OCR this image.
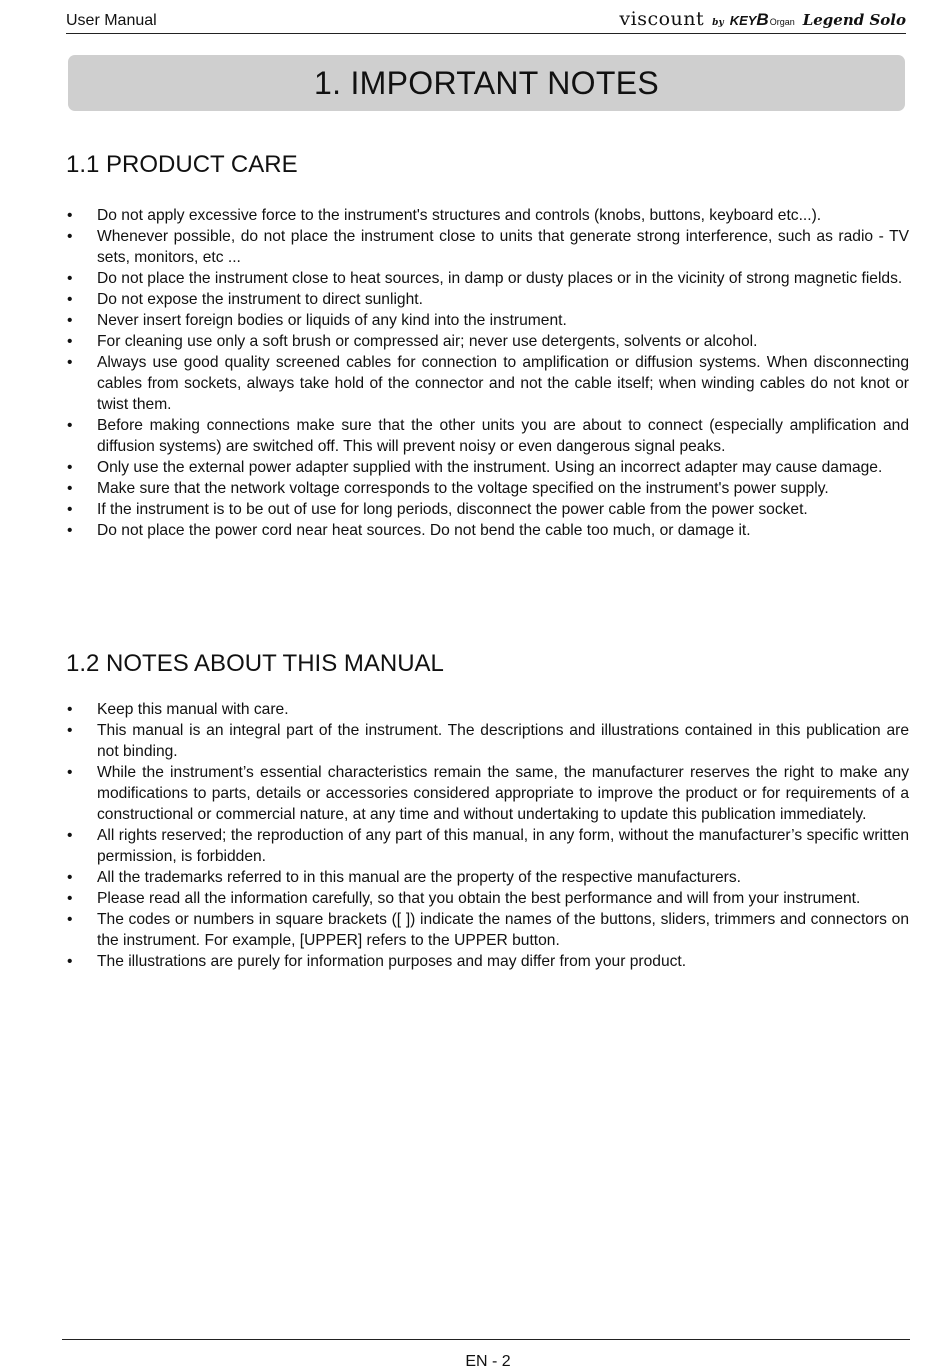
User Manual	viscount by KEYBOrgan Legend Solo
1. IMPORTANT NOTES
1.1 PRODUCT CARE
• Do not apply excessive force to the instrument's structures and controls (knobs, buttons, keyboard etc...).
• Whenever possible, do not place the instrument close to units that generate strong interference, such as radio - TV sets, monitors, etc ...
• Do not place the instrument close to heat sources, in damp or dusty places or in the vicinity of strong magnetic fields.
• Do not expose the instrument to direct sunlight.
• Never insert foreign bodies or liquids of any kind into the instrument.
• For cleaning use only a soft brush or compressed air; never use detergents, solvents or alcohol.
• Always use good quality screened cables for connection to amplification or diffusion systems. When disconnecting cables from sockets, always take hold of the connector and not the cable itself; when winding cables do not knot or twist them.
• Before making connections make sure that the other units you are about to connect (especially amplification and diffusion systems) are switched off. This will prevent noisy or even dangerous signal peaks.
• Only use the external power adapter supplied with the instrument. Using an incorrect adapter may cause damage.
• Make sure that the network voltage corresponds to the voltage specified on the instrument's power supply.
• If the instrument is to be out of use for long periods, disconnect the power cable from the power socket.
• Do not place the power cord near heat sources. Do not bend the cable too much, or damage it.
1.2 NOTES ABOUT THIS MANUAL
• Keep this manual with care.
• This manual is an integral part of the instrument. The descriptions and illustrations contained in this publication are not binding.
• While the instrument’s essential characteristics remain the same, the manufacturer reserves the right to make any modifications to parts, details or accessories considered appropriate to improve the product or for requirements of a constructional or commercial nature, at any time and without undertaking to update this publication immediately.
• All rights reserved; the reproduction of any part of this manual, in any form, without the manufacturer’s specific written permission, is forbidden.
• All the trademarks referred to in this manual are the property of the respective manufacturers.
• Please read all the information carefully, so that you obtain the best performance and will from your instrument.
• The codes or numbers in square brackets ([ ]) indicate the names of the buttons, sliders, trimmers and connectors on the instrument. For example, [UPPER] refers to the UPPER button.
• The illustrations are purely for information purposes and may differ from your product.
EN - 2
